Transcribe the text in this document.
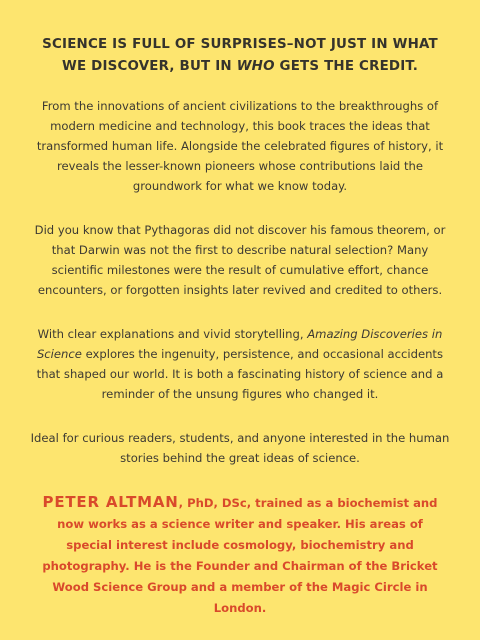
SCIENCE IS FULL OF SURPRISES–NOT JUST IN WHAT WE DISCOVER, BUT IN WHO GETS THE CREDIT.

From the innovations of ancient civilizations to the breakthroughs of modern medicine and technology, this book traces the ideas that transformed human life. Alongside the celebrated figures of history, it reveals the lesser-known pioneers whose contributions laid the groundwork for what we know today.

Did you know that Pythagoras did not discover his famous theorem, or that Darwin was not the first to describe natural selection? Many scientific milestones were the result of cumulative effort, chance encounters, or forgotten insights later revived and credited to others.

With clear explanations and vivid storytelling, Amazing Discoveries in Science explores the ingenuity, persistence, and occasional accidents that shaped our world. It is both a fascinating history of science and a reminder of the unsung figures who changed it.

Ideal for curious readers, students, and anyone interested in the human stories behind the great ideas of science.

PETER ALTMAN, PhD, DSc, trained as a biochemist and now works as a science writer and speaker. His areas of special interest include cosmology, biochemistry and photography. He is the Founder and Chairman of the Bricket Wood Science Group and a member of the Magic Circle in London.
